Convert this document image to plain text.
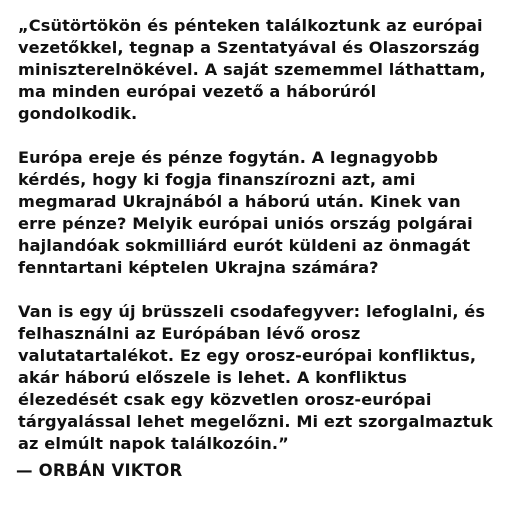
„Csütörtökön és pénteken találkoztunk az európai
vezetőkkel, tegnap a Szentatyával és Olaszország
miniszterelnökével. A saját szememmel láthattam,
ma minden európai vezető a háborúról
gondolkodik.

Európa ereje és pénze fogytán. A legnagyobb
kérdés, hogy ki fogja finanszírozni azt, ami
megmarad Ukrajnából a háború után. Kinek van
erre pénze? Melyik európai uniós ország polgárai
hajlandóak sokmilliárd eurót küldeni az önmagát
fenntartani képtelen Ukrajna számára?

Van is egy új brüsszeli csodafegyver: lefoglalni, és
felhasználni az Európában lévő orosz
valutatartalékot. Ez egy orosz-európai konfliktus,
akár háború előszele is lehet. A konfliktus
élezedését csak egy közvetlen orosz-európai
tárgyalással lehet megelőzni. Mi ezt szorgalmaztuk
az elmúlt napok találkozóin.”

— ORBÁN VIKTOR
